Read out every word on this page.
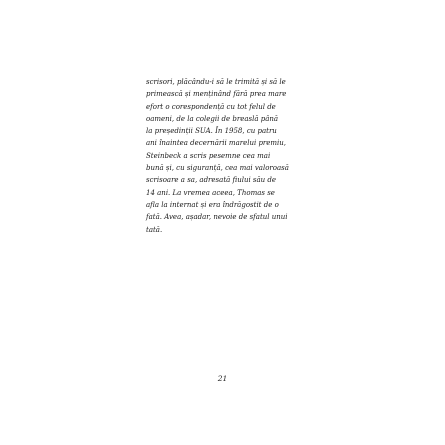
scrisori, plăcându-i să le trimită și să le
primească și menținând fără prea mare
efort o corespondență cu tot felul de
oameni, de la colegii de breaslă până
la președinții SUA. În 1958, cu patru
ani înaintea decernării marelui premiu,
Steinbeck a scris pesemne cea mai
bună și, cu siguranță, cea mai valoroasă
scrisoare a sa, adresată fiului său de
14 ani. La vremea aceea, Thomas se
afla la internat și era îndrăgostit de o
fată. Avea, așadar, nevoie de sfatul unui
tată.
21
